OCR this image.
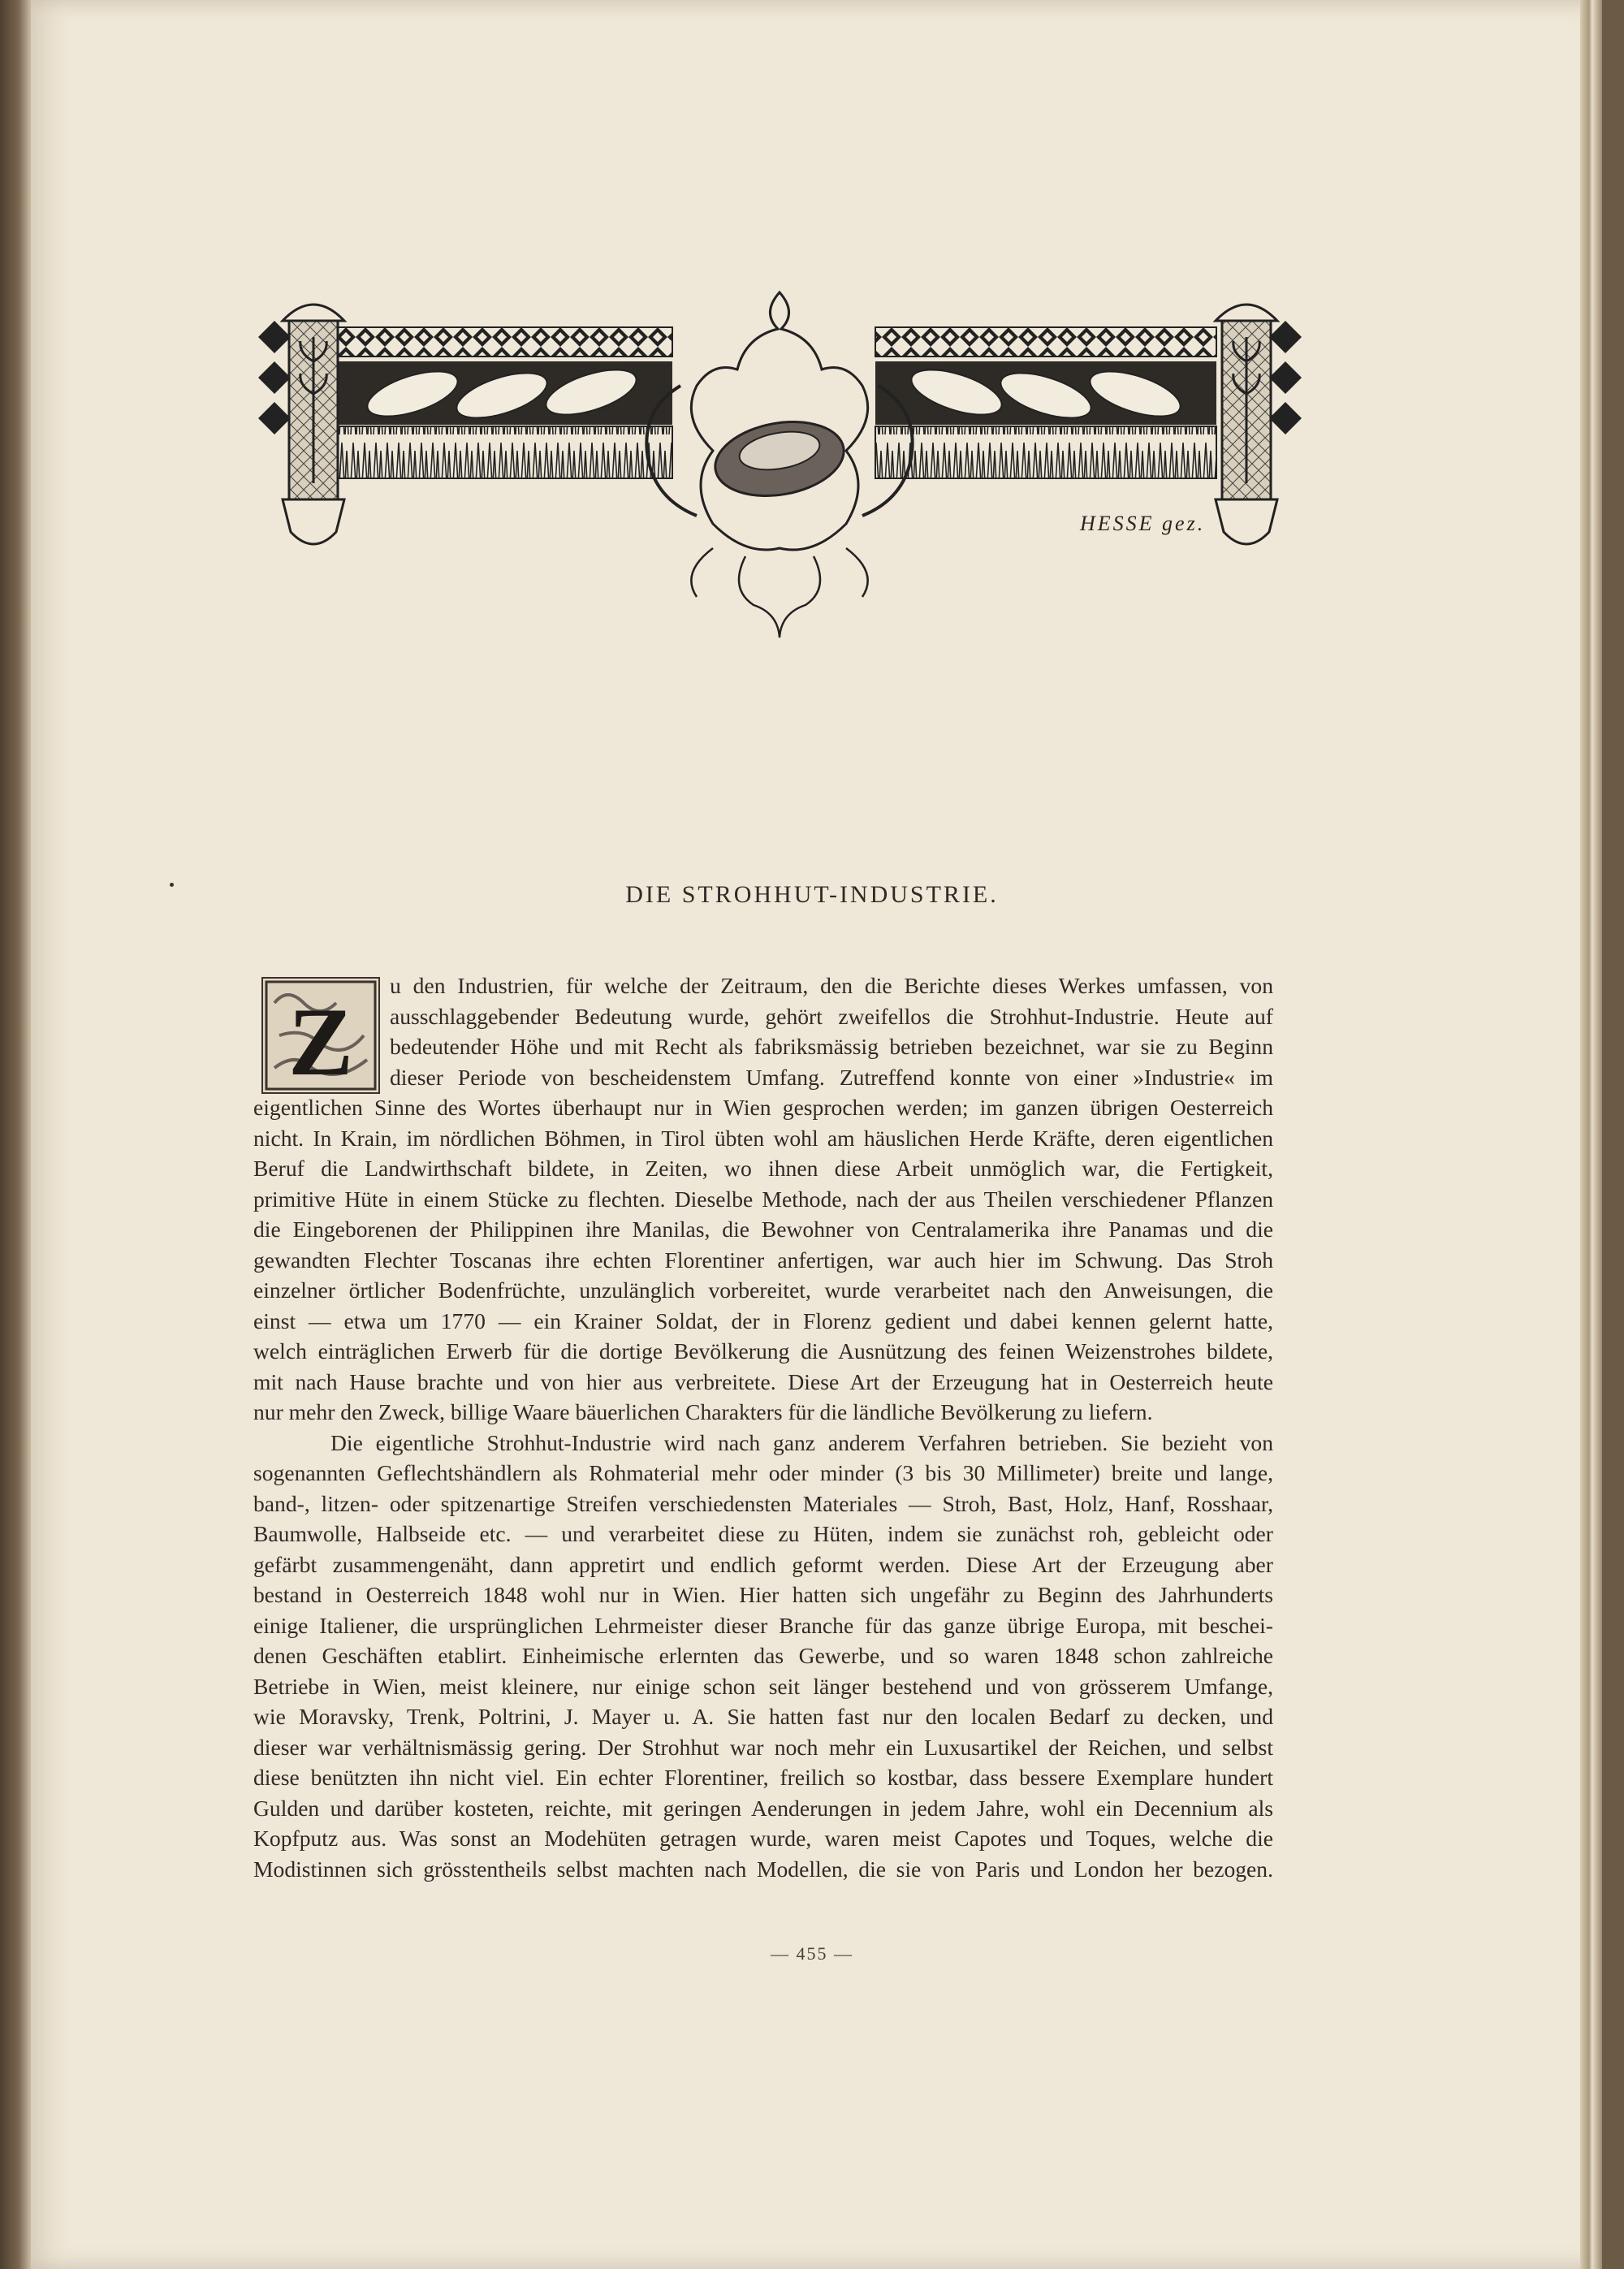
HESSE gez.
DIE STROHHUT-INDUSTRIE.
Z
u den Industrien, für welche der Zeitraum, den die Berichte dieses Werkes umfassen, von
ausschlaggebender Bedeutung wurde, gehört zweifellos die Strohhut-Industrie. Heute auf
bedeutender Höhe und mit Recht als fabriksmässig betrieben bezeichnet, war sie zu Beginn
dieser Periode von bescheidenstem Umfang. Zutreffend konnte von einer »Industrie« im
eigentlichen Sinne des Wortes überhaupt nur in Wien gesprochen werden; im ganzen übrigen Oesterreich
nicht. In Krain, im nördlichen Böhmen, in Tirol übten wohl am häuslichen Herde Kräfte, deren eigentlichen
Beruf die Landwirthschaft bildete, in Zeiten, wo ihnen diese Arbeit unmöglich war, die Fertigkeit,
primitive Hüte in einem Stücke zu flechten. Dieselbe Methode, nach der aus Theilen verschiedener Pflanzen
die Eingeborenen der Philippinen ihre Manilas, die Bewohner von Centralamerika ihre Panamas und die
gewandten Flechter Toscanas ihre echten Florentiner anfertigen, war auch hier im Schwung. Das Stroh
einzelner örtlicher Bodenfrüchte, unzulänglich vorbereitet, wurde verarbeitet nach den Anweisungen, die
einst — etwa um 1770 — ein Krainer Soldat, der in Florenz gedient und dabei kennen gelernt hatte,
welch einträglichen Erwerb für die dortige Bevölkerung die Ausnützung des feinen Weizenstrohes bildete,
mit nach Hause brachte und von hier aus verbreitete. Diese Art der Erzeugung hat in Oesterreich heute
nur mehr den Zweck, billige Waare bäuerlichen Charakters für die ländliche Bevölkerung zu liefern.
Die eigentliche Strohhut-Industrie wird nach ganz anderem Verfahren betrieben. Sie bezieht von
sogenannten Geflechtshändlern als Rohmaterial mehr oder minder (3 bis 30 Millimeter) breite und lange,
band-, litzen- oder spitzenartige Streifen verschiedensten Materiales — Stroh, Bast, Holz, Hanf, Rosshaar,
Baumwolle, Halbseide etc. — und verarbeitet diese zu Hüten, indem sie zunächst roh, gebleicht oder
gefärbt zusammengenäht, dann appretirt und endlich geformt werden. Diese Art der Erzeugung aber
bestand in Oesterreich 1848 wohl nur in Wien. Hier hatten sich ungefähr zu Beginn des Jahrhunderts
einige Italiener, die ursprünglichen Lehrmeister dieser Branche für das ganze übrige Europa, mit beschei-
denen Geschäften etablirt. Einheimische erlernten das Gewerbe, und so waren 1848 schon zahlreiche
Betriebe in Wien, meist kleinere, nur einige schon seit länger bestehend und von grösserem Umfange,
wie Moravsky, Trenk, Poltrini, J. Mayer u. A. Sie hatten fast nur den localen Bedarf zu decken, und
dieser war verhältnismässig gering. Der Strohhut war noch mehr ein Luxusartikel der Reichen, und selbst
diese benützten ihn nicht viel. Ein echter Florentiner, freilich so kostbar, dass bessere Exemplare hundert
Gulden und darüber kosteten, reichte, mit geringen Aenderungen in jedem Jahre, wohl ein Decennium als
Kopfputz aus. Was sonst an Modehüten getragen wurde, waren meist Capotes und Toques, welche die
Modistinnen sich grösstentheils selbst machten nach Modellen, die sie von Paris und London her bezogen.
— 455 —
